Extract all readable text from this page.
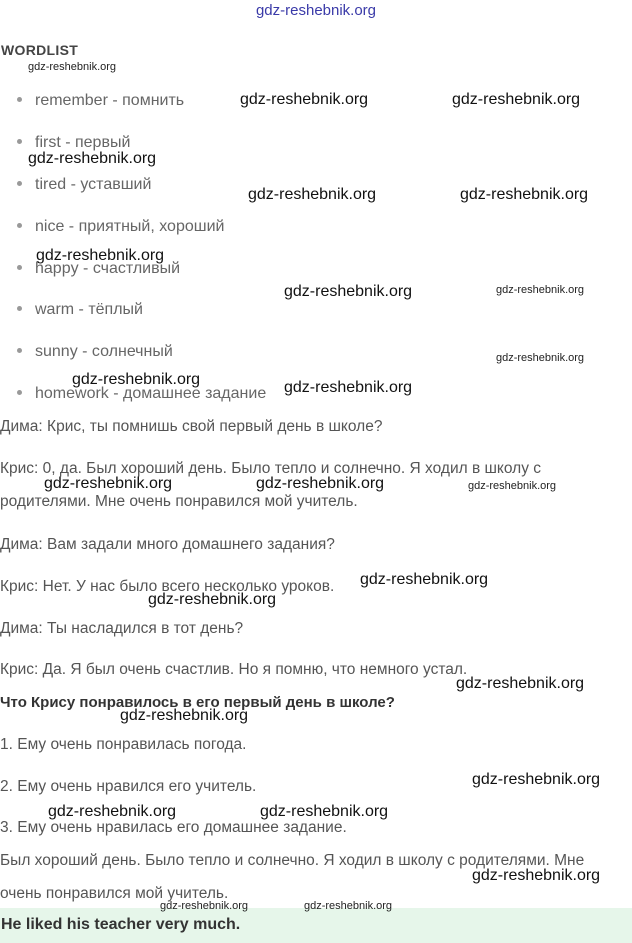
gdz-reshebnik.org
WORDLIST
gdz-reshebnik.org
remember - помнить
first - первый
tired - уставший
nice - приятный, хороший
happy - счастливый
warm - тёплый
sunny - солнечный
homework - домашнее задание
gdz-reshebnik.org	gdz-reshebnik.org
gdz-reshebnik.org
gdz-reshebnik.org	gdz-reshebnik.org
gdz-reshebnik.org
gdz-reshebnik.org	gdz-reshebnik.org
gdz-reshebnik.org
gdz-reshebnik.org	gdz-reshebnik.org
Дима: Крис, ты помнишь свой первый день в школе?
Крис: 0, да. Был хороший день. Было тепло и солнечно. Я ходил в школу с
родителями. Мне очень понравился мой учитель.
gdz-reshebnik.org	gdz-reshebnik.org	gdz-reshebnik.org
Дима: Вам задали много домашнего задания?
Крис: Нет. У нас было всего несколько уроков. gdz-reshebnik.org
gdz-reshebnik.org
Дима: Ты насладился в тот день?
Крис: Да. Я был очень счастлив. Но я помню, что немного устал.
gdz-reshebnik.org
Что Крису понравилось в его первый день в школе?
gdz-reshebnik.org
1. Ему очень понравилась погода.
2. Ему очень нравился его учитель.	gdz-reshebnik.org
gdz-reshebnik.org	gdz-reshebnik.org
3. Ему очень нравилась его домашнее задание.
Был хороший день. Было тепло и солнечно. Я ходил в школу с родителями. Мне
очень понравился мой учитель.
gdz-reshebnik.org
gdz-reshebnik.org	gdz-reshebnik.org
He liked his teacher very much.
